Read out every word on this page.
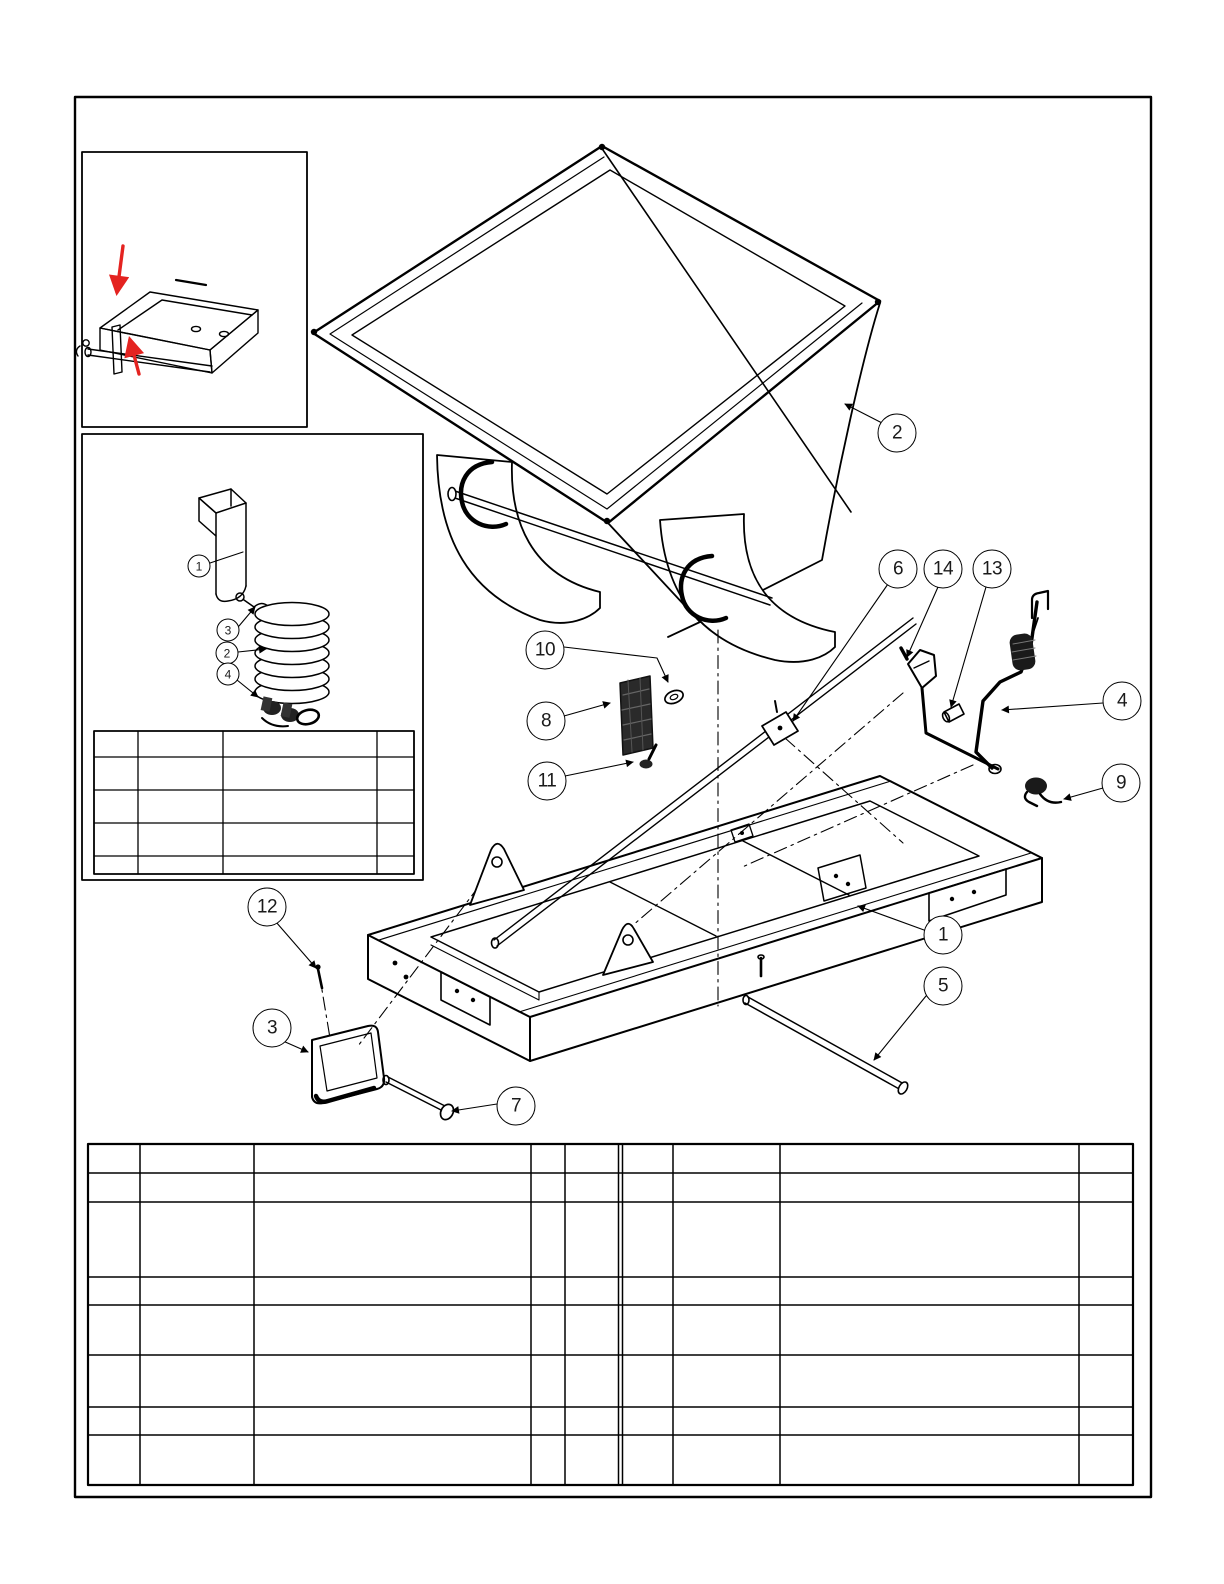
2
6	14	13
4
9
10
8
11
1
5
12
3
7
1
3
2
4
